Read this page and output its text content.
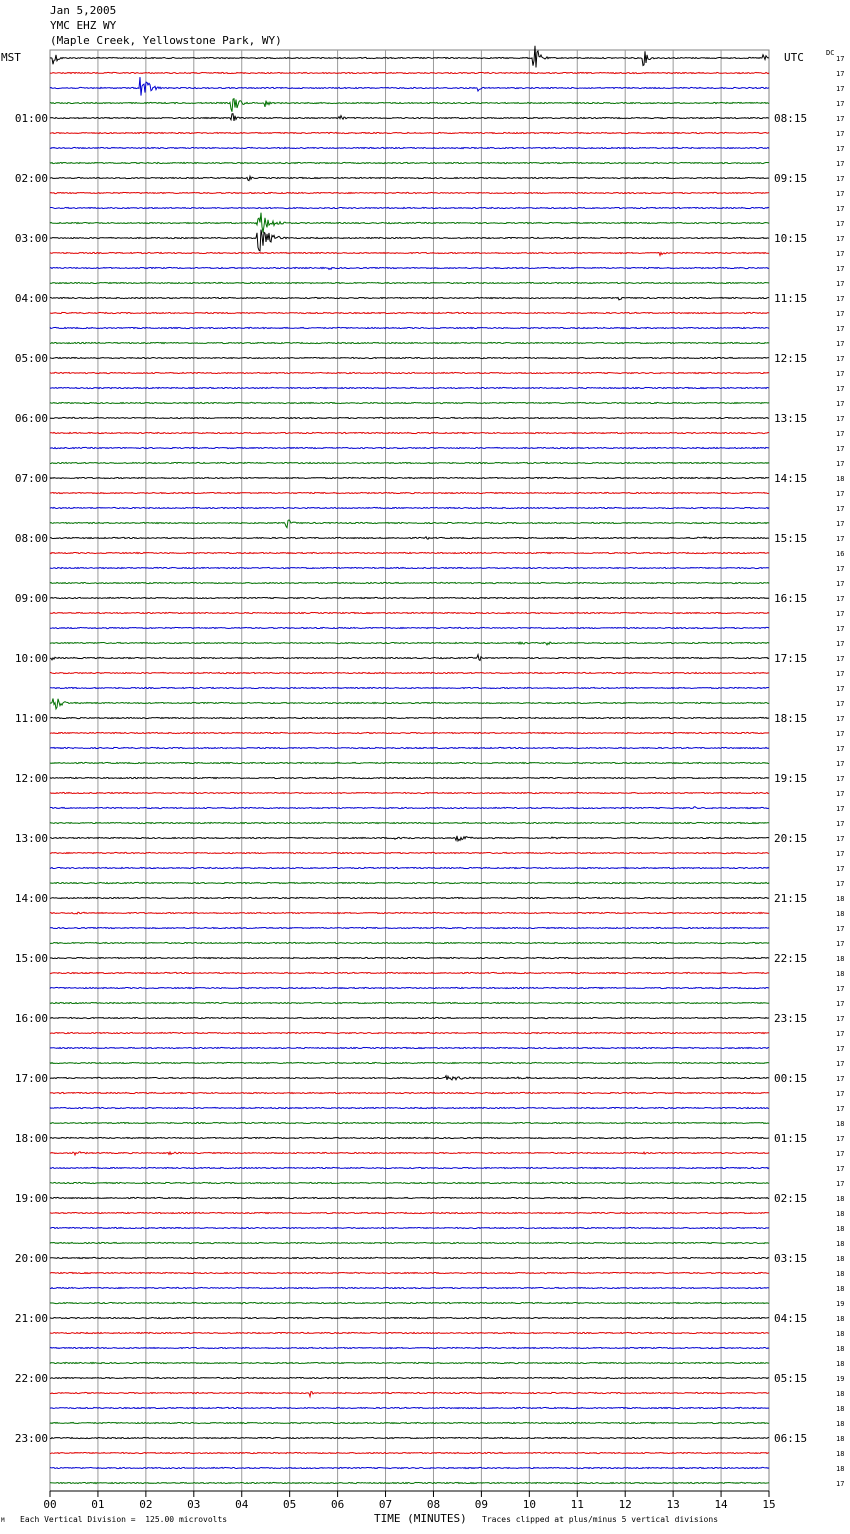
00	01	02	03	04	05	06	07	08	09	10	11	12	13	14	15
01:00
02:00
03:00
04:00
05:00
06:00
07:00
08:00
09:00
10:00
11:00
12:00
13:00
14:00
15:00
16:00
17:00
18:00
19:00
20:00
21:00
22:00
23:00
08:15
09:15
10:15
11:15
12:15
13:15
14:15
15:15
16:15
17:15
18:15
19:15
20:15
21:15
22:15
23:15
00:15
01:15
02:15
03:15
04:15
05:15
06:15
17
17
17
17
17
17
17
17
17
17
17
17
17
17
17
17
17
17
17
17
17
17
17
17
17
17
17
17
18
17
17
17
17
16
17
17
17
17
17
17
17
17
17
17
17
17
17
17
17
17
17
17
17
17
17
17
18
18
17
17
18
18
17
17
17
17
17
17
17
17
17
18
17
17
17
17
18
18
18
18
18
18
18
19
18
18
18
18
19
18
18
18
18
18
18
17
Jan 5,2005
YMC EHZ WY
(Maple Creek, Yellowstone Park, WY)
MST	UTC	DC
M Each Vertical Division =  125.00 microvolts	TIME (MINUTES) Traces clipped at plus/minus 5 vertical divisions
